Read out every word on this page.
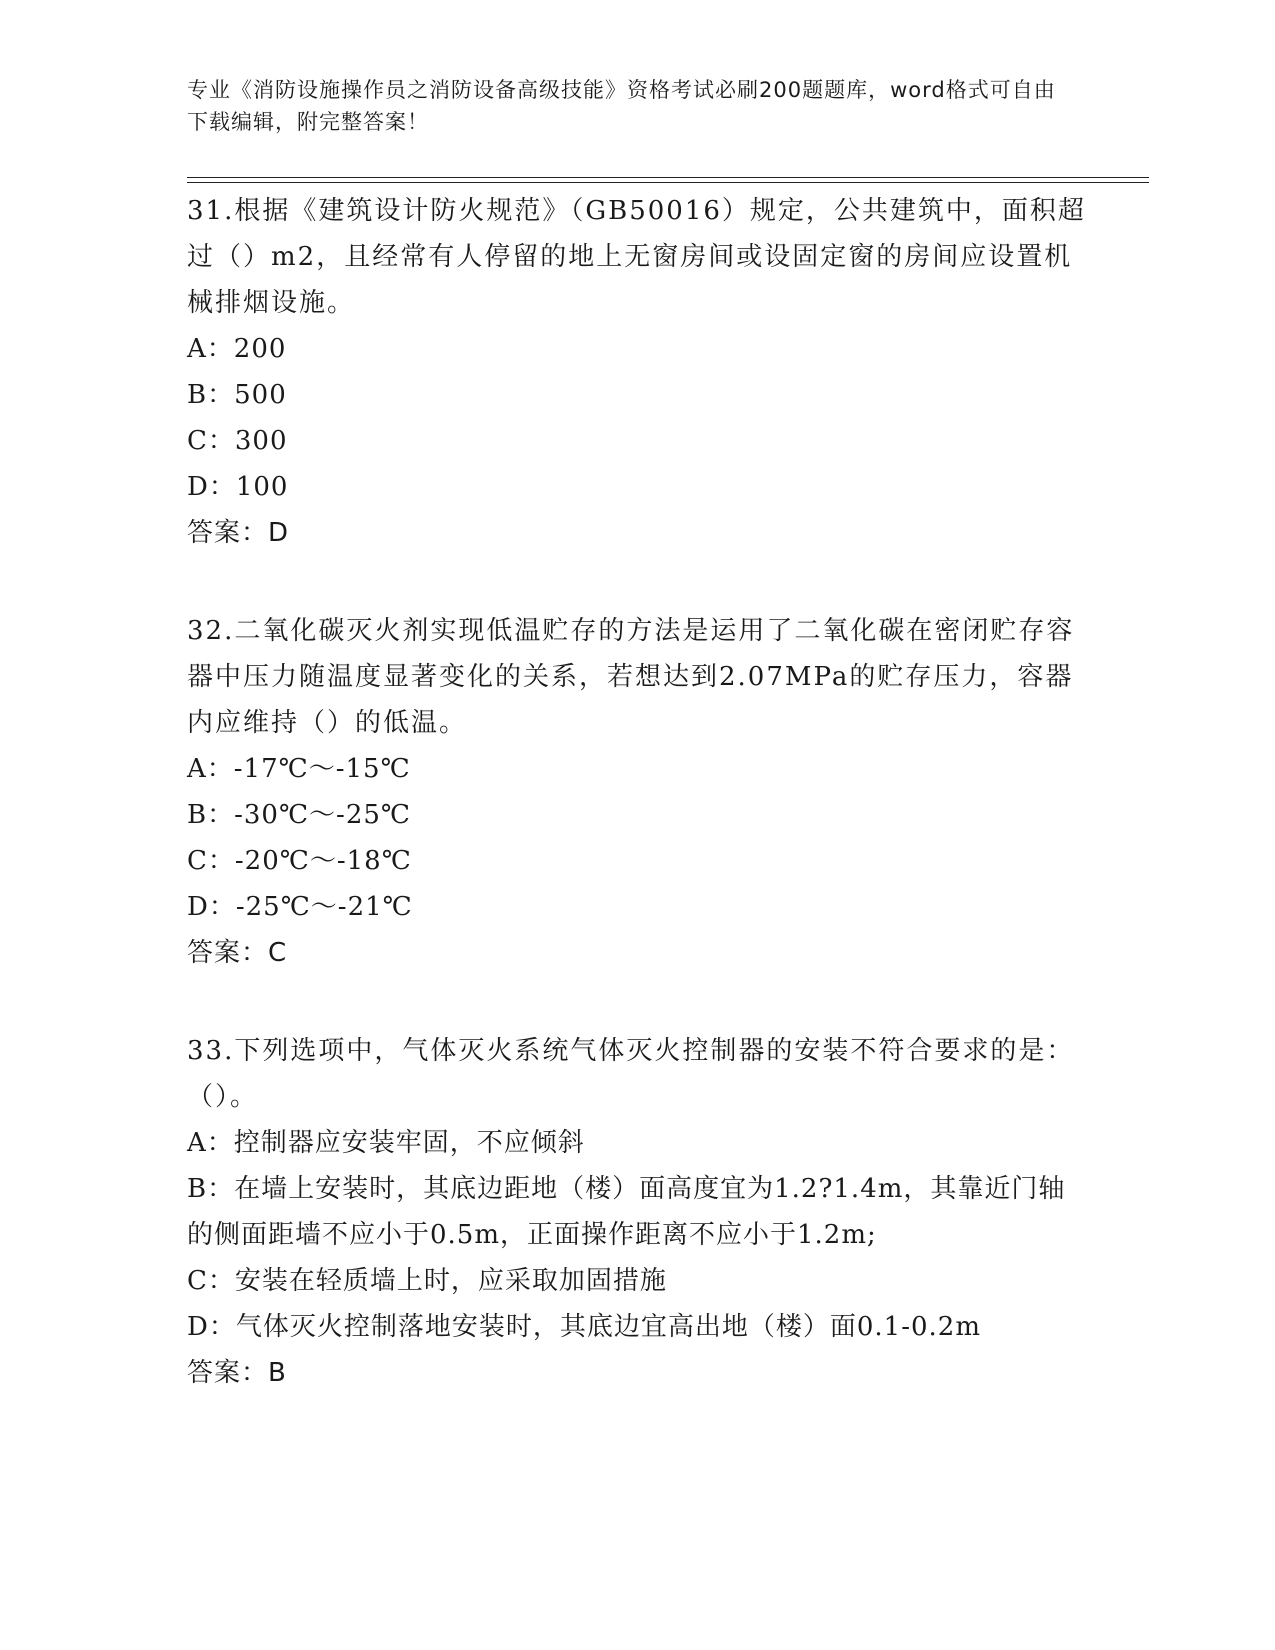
专业《消防设施操作员之消防设备高级技能》资格考试必刷200题题库，word格式可自由下载编辑，附完整答案！

31.根据《建筑设计防火规范》（GB50016）规定，公共建筑中，面积超过（）m2，且经常有人停留的地上无窗房间或设固定窗的房间应设置机械排烟设施。

A：200

B：500

C：300

D：100

答案：D

32.二氧化碳灭火剂实现低温贮存的方法是运用了二氧化碳在密闭贮存容器中压力随温度显著变化的关系，若想达到2.07MPa的贮存压力，容器内应维持（）的低温。

A：-17℃～-15℃

B：-30℃～-25℃

C：-20℃～-18℃

D：-25℃～-21℃

答案：C

33.下列选项中，气体灭火系统气体灭火控制器的安装不符合要求的是：（）。

A：控制器应安装牢固，不应倾斜

B：在墙上安装时，其底边距地（楼）面高度宜为1.2?1.4m，其靠近门轴的侧面距墙不应小于0.5m，正面操作距离不应小于1.2m;

C：安装在轻质墙上时，应采取加固措施

D：气体灭火控制落地安装时，其底边宜高出地（楼）面0.1-0.2m

答案：B
